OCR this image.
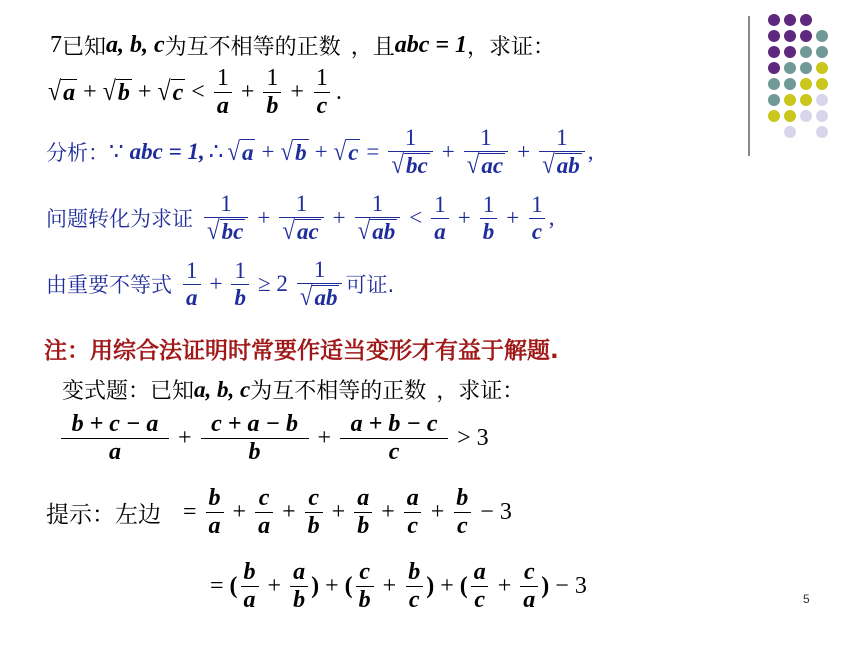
7 已知 a, b, c 为互不相等的正数 ，且 abc = 1 ，求证：
√ a + √ b + √ $c < \frac{1}{a} + \frac{1}{b} + \frac{1}{c}$ .
分析： ∵ abc = 1, ∴ √ a + √ b + √ $c = \frac{1}{√ bc} + \frac{1}{√ ac} + \frac{1}{√ ab}$ ,
问题转化为求证 $\frac{1}{√ bc} + \frac{1}{√ ac} + \frac{1}{√ ab} < \frac{1}{a} + \frac{1}{b} + \frac{1}{c}$ ,
由重要不等式 $\frac{1}{a} + \frac{1}{b} \ge 2 \frac{1}{√ ab}$ 可证.
注：用综合法证明时常要作适当变形才有益于解题.
变式题：已知 a, b, c 为互不相等的正数 ，求证：
$\frac{b + c - a}{a} + \frac{c + a - b}{b} + \frac{a + b - c}{c} > 3$
提示：左边 = $\frac{b}{a} + \frac{c}{a} + \frac{c}{b} + \frac{a}{b} + \frac{a}{c} + \frac{b}{c} - 3$
= ( $\frac{b}{a} + \frac{a}{b}$ ) + ( $\frac{c}{b} + \frac{b}{c}$ ) + ( $\frac{a}{c} + \frac{c}{a}$ ) − 3	5
